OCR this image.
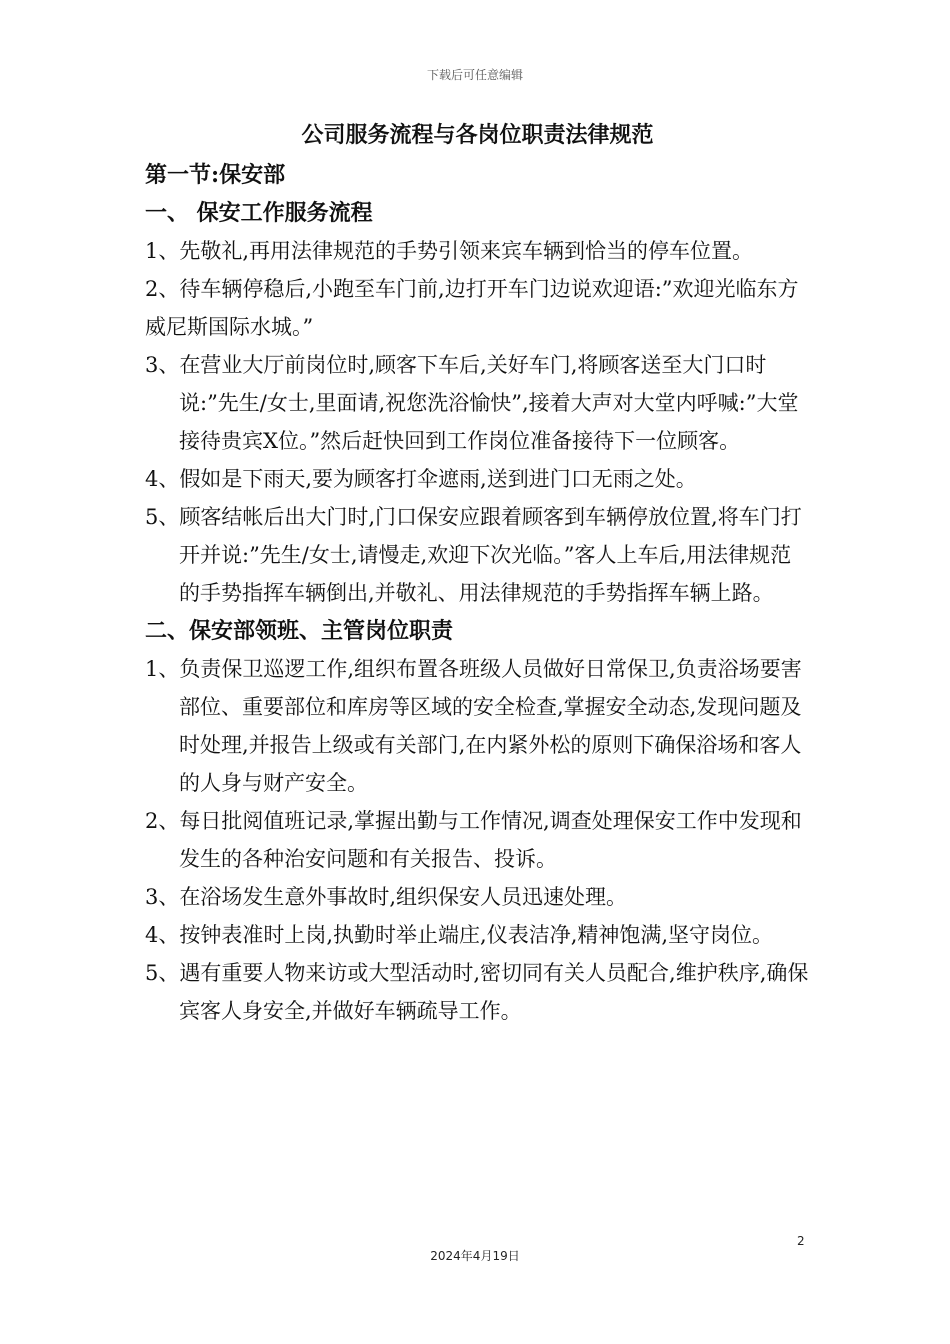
下载后可任意编辑
公司服务流程与各岗位职责法律规范
第一节:保安部
一、 保安工作服务流程

1、先敬礼,再用法律规范的手势引领来宾车辆到恰当的停车位置。

2、待车辆停稳后,小跑至车门前,边打开车门边说欢迎语:”欢迎光临东方威尼斯国际水城。”

3、在营业大厅前岗位时,顾客下车后,关好车门,将顾客送至大门口时说:”先生/女士,里面请,祝您洗浴愉快”,接着大声对大堂内呼喊:”大堂接待贵宾X位。”然后赶快回到工作岗位准备接待下一位顾客。

4、假如是下雨天,要为顾客打伞遮雨,送到进门口无雨之处。

5、顾客结帐后出大门时,门口保安应跟着顾客到车辆停放位置,将车门打开并说:”先生/女士,请慢走,欢迎下次光临。”客人上车后,用法律规范的手势指挥车辆倒出,并敬礼、用法律规范的手势指挥车辆上路。

二、保安部领班、主管岗位职责

1、负责保卫巡逻工作,组织布置各班级人员做好日常保卫,负责浴场要害部位、重要部位和库房等区域的安全检查,掌握安全动态,发现问题及时处理,并报告上级或有关部门,在内紧外松的原则下确保浴场和客人的人身与财产安全。

2、每日批阅值班记录,掌握出勤与工作情况,调查处理保安工作中发现和发生的各种治安问题和有关报告、投诉。

3、在浴场发生意外事故时,组织保安人员迅速处理。

4、按钟表准时上岗,执勤时举止端庄,仪表洁净,精神饱满,坚守岗位。

5、遇有重要人物来访或大型活动时,密切同有关人员配合,维护秩序,确保宾客人身安全,并做好车辆疏导工作。

2
2024年4月19日
